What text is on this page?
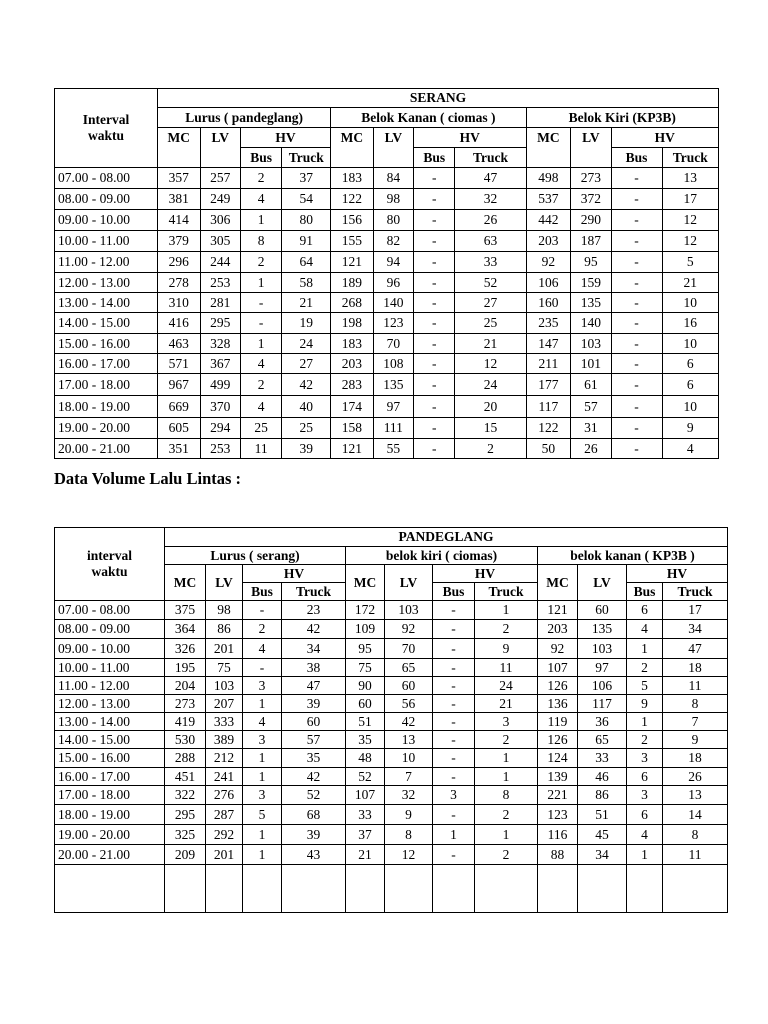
Interval waktu	SERANG											
	Lurus ( pandeglang)				Belok Kanan ( ciomas )				Belok Kiri (KP3B)			
	MC	LV	HV		MC	LV	HV		MC	LV	HV	
			Bus	Truck			Bus	Truck			Bus	Truck
07.00 - 08.00	357	257	2	37	183	84	-	47	498	273	-	13
08.00 - 09.00	381	249	4	54	122	98	-	32	537	372	-	17
09.00 - 10.00	414	306	1	80	156	80	-	26	442	290	-	12
10.00 - 11.00	379	305	8	91	155	82	-	63	203	187	-	12
11.00 - 12.00	296	244	2	64	121	94	-	33	92	95	-	5
12.00 - 13.00	278	253	1	58	189	96	-	52	106	159	-	21
13.00 - 14.00	310	281	-	21	268	140	-	27	160	135	-	10
14.00 - 15.00	416	295	-	19	198	123	-	25	235	140	-	16
15.00 - 16.00	463	328	1	24	183	70	-	21	147	103	-	10
16.00 - 17.00	571	367	4	27	203	108	-	12	211	101	-	6
17.00 - 18.00	967	499	2	42	283	135	-	24	177	61	-	6
18.00 - 19.00	669	370	4	40	174	97	-	20	117	57	-	10
19.00 - 20.00	605	294	25	25	158	111	-	15	122	31	-	9
20.00 - 21.00	351	253	11	39	121	55	-	2	50	26	-	4
Data Volume Lalu Lintas :
interval waktu	PANDEGLANG											
	Lurus ( serang)				belok kiri ( ciomas)				belok kanan ( KP3B )			
	MC	LV	HV		MC	LV	HV		MC	LV	HV	
			Bus	Truck			Bus	Truck			Bus	Truck
07.00 - 08.00	375	98	-	23	172	103	-	1	121	60	6	17
08.00 - 09.00	364	86	2	42	109	92	-	2	203	135	4	34
09.00 - 10.00	326	201	4	34	95	70	-	9	92	103	1	47
10.00 - 11.00	195	75	-	38	75	65	-	11	107	97	2	18
11.00 - 12.00	204	103	3	47	90	60	-	24	126	106	5	11
12.00 - 13.00	273	207	1	39	60	56	-	21	136	117	9	8
13.00 - 14.00	419	333	4	60	51	42	-	3	119	36	1	7
14.00 - 15.00	530	389	3	57	35	13	-	2	126	65	2	9
15.00 - 16.00	288	212	1	35	48	10	-	1	124	33	3	18
16.00 - 17.00	451	241	1	42	52	7	-	1	139	46	6	26
17.00 - 18.00	322	276	3	52	107	32	3	8	221	86	3	13
18.00 - 19.00	295	287	5	68	33	9	-	2	123	51	6	14
19.00 - 20.00	325	292	1	39	37	8	1	1	116	45	4	8
20.00 - 21.00	209	201	1	43	21	12	-	2	88	34	1	11
